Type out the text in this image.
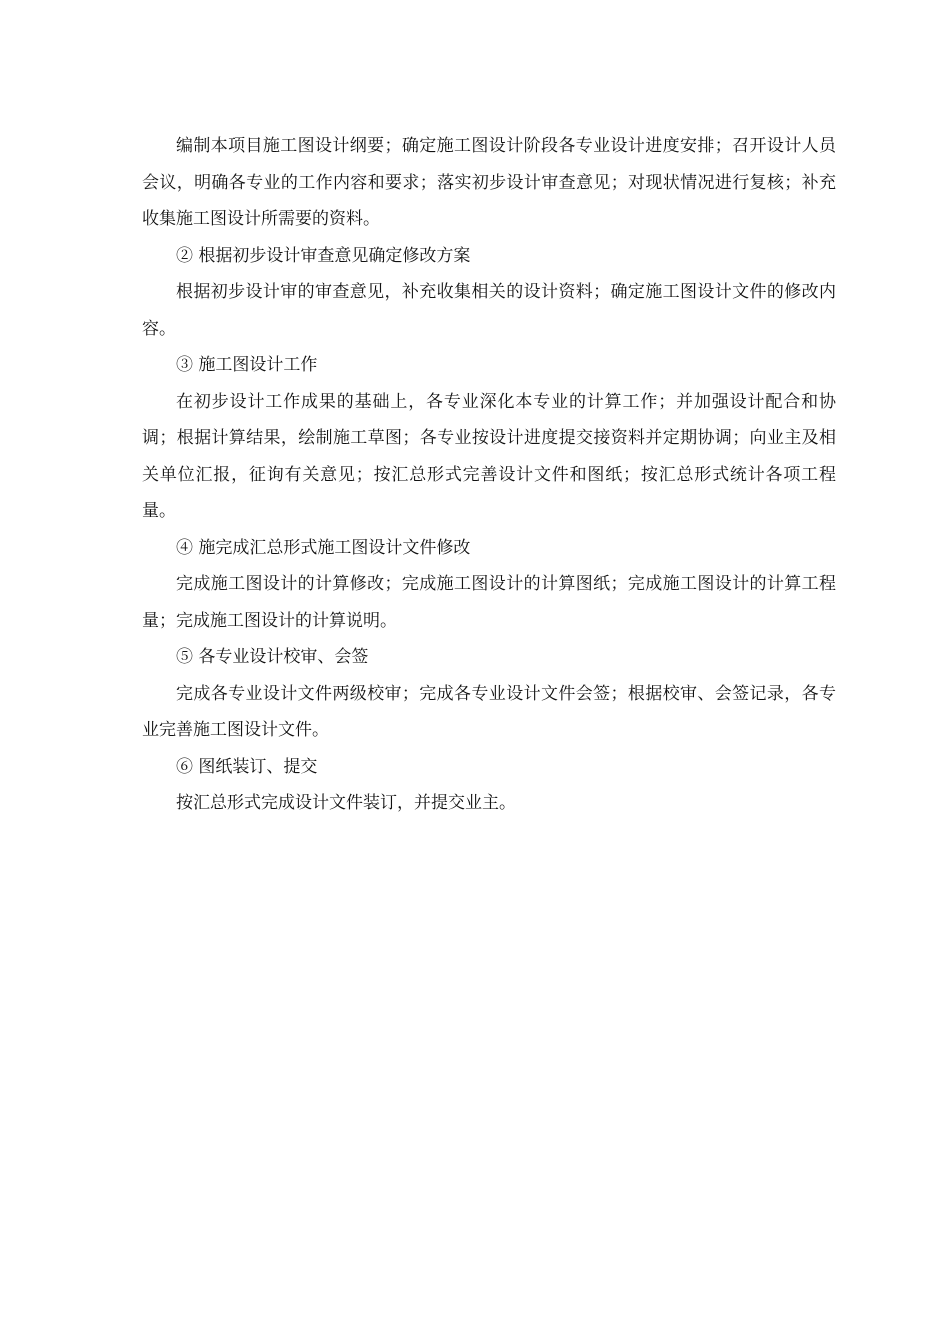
编制本项目施工图设计纲要；确定施工图设计阶段各专业设计进度安排；召开设计人员会议，明确各专业的工作内容和要求；落实初步设计审查意见；对现状情况进行复核；补充收集施工图设计所需要的资料。

② 根据初步设计审查意见确定修改方案

根据初步设计审的审查意见，补充收集相关的设计资料；确定施工图设计文件的修改内容。

③ 施工图设计工作

在初步设计工作成果的基础上，各专业深化本专业的计算工作；并加强设计配合和协调；根据计算结果，绘制施工草图；各专业按设计进度提交接资料并定期协调；向业主及相关单位汇报，征询有关意见；按汇总形式完善设计文件和图纸；按汇总形式统计各项工程量。

④ 施完成汇总形式施工图设计文件修改

完成施工图设计的计算修改；完成施工图设计的计算图纸；完成施工图设计的计算工程量；完成施工图设计的计算说明。

⑤ 各专业设计校审、会签

完成各专业设计文件两级校审；完成各专业设计文件会签；根据校审、会签记录，各专业完善施工图设计文件。

⑥ 图纸装订、提交

按汇总形式完成设计文件装订，并提交业主。
